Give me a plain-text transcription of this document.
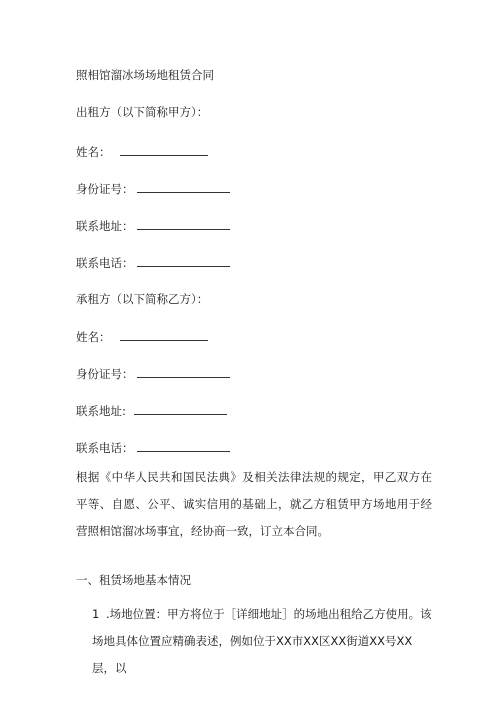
照相馆溜冰场场地租赁合同
出租方（以下简称甲方）：
姓名：
身份证号：
联系地址：
联系电话：
承租方（以下简称乙方）：
姓名：
身份证号：
联系地址:
联系电话：
根据《中华人民共和国民法典》及相关法律法规的规定，甲乙双方在平等、自愿、公平、诚实信用的基础上，就乙方租赁甲方场地用于经营照相馆溜冰场事宜，经协商一致，订立本合同。
一、租赁场地基本情况
1 .场地位置：甲方将位于［详细地址］的场地出租给乙方使用。该场地具体位置应精确表述，例如位于XX市XX区XX街道XX号XX层，以
